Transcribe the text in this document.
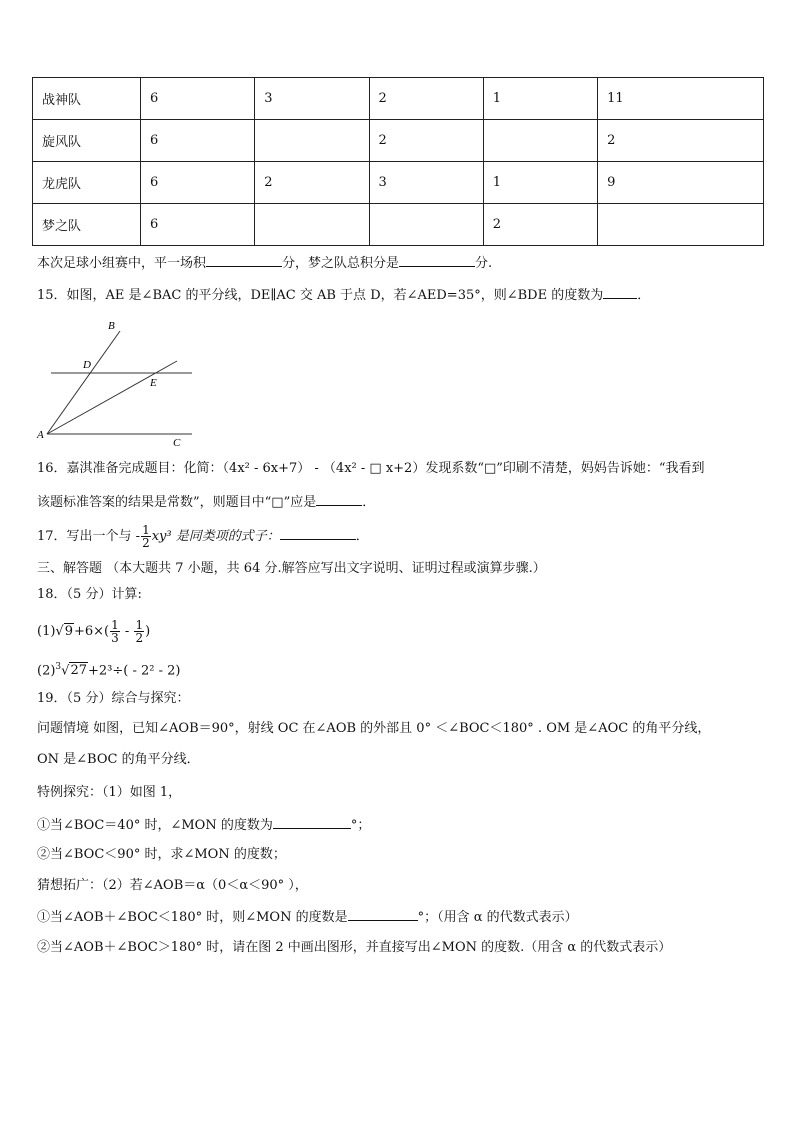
战神队	6	3	2	1	11
旋风队	6		2		2
龙虎队	6	2	3	1	9
梦之队	6			2	
本次足球小组赛中，平一场积	分，梦之队总积分是	分.
15．如图，AE 是∠BAC 的平分线，DE∥AC 交 AB 于点 D，若∠AED=35°，则∠BDE 的度数为	．
B
D
E
A
C
16．嘉淇准备完成题目：化简：（4x² - 6x+7） - （4x² - □ x+2）发现系数“□”印刷不清楚，妈妈告诉她：“我看到
该题标准答案的结果是常数”，则题目中“□”应是	．
17．写出一个与 - $\frac{1}{2} xy^3$ 是同类项的式子：	．
三、解答题 （本大题共 7 小题，共 64 分.解答应写出文字说明、证明过程或演算步骤.）
18．（5 分）计算:
$(1)√9+6\times( \frac{1}{3} - \frac{1}{2}$ )
$(2)^3√27+2^3\div( - 2^2 - 2)$
19．（5 分）综合与探究：
问题情境 如图，已知∠AOB＝90°，射线 OC 在∠AOB 的外部且 0° ＜∠BOC＜180° . OM 是∠AOC 的角平分线，
ON 是∠BOC 的角平分线．
特例探究：（1）如图 1，
①当∠BOC＝40° 时，∠MON 的度数为	°；
②当∠BOC＜90° 时，求∠MON 的度数；
猜想拓广：（2）若∠AOB＝α（0＜α＜90° ），
①当∠AOB＋∠BOC＜180° 时，则∠MON 的度数是	°；（用含 α 的代数式表示）
②当∠AOB＋∠BOC＞180° 时，请在图 2 中画出图形，并直接写出∠MON 的度数.（用含 α 的代数式表示）
